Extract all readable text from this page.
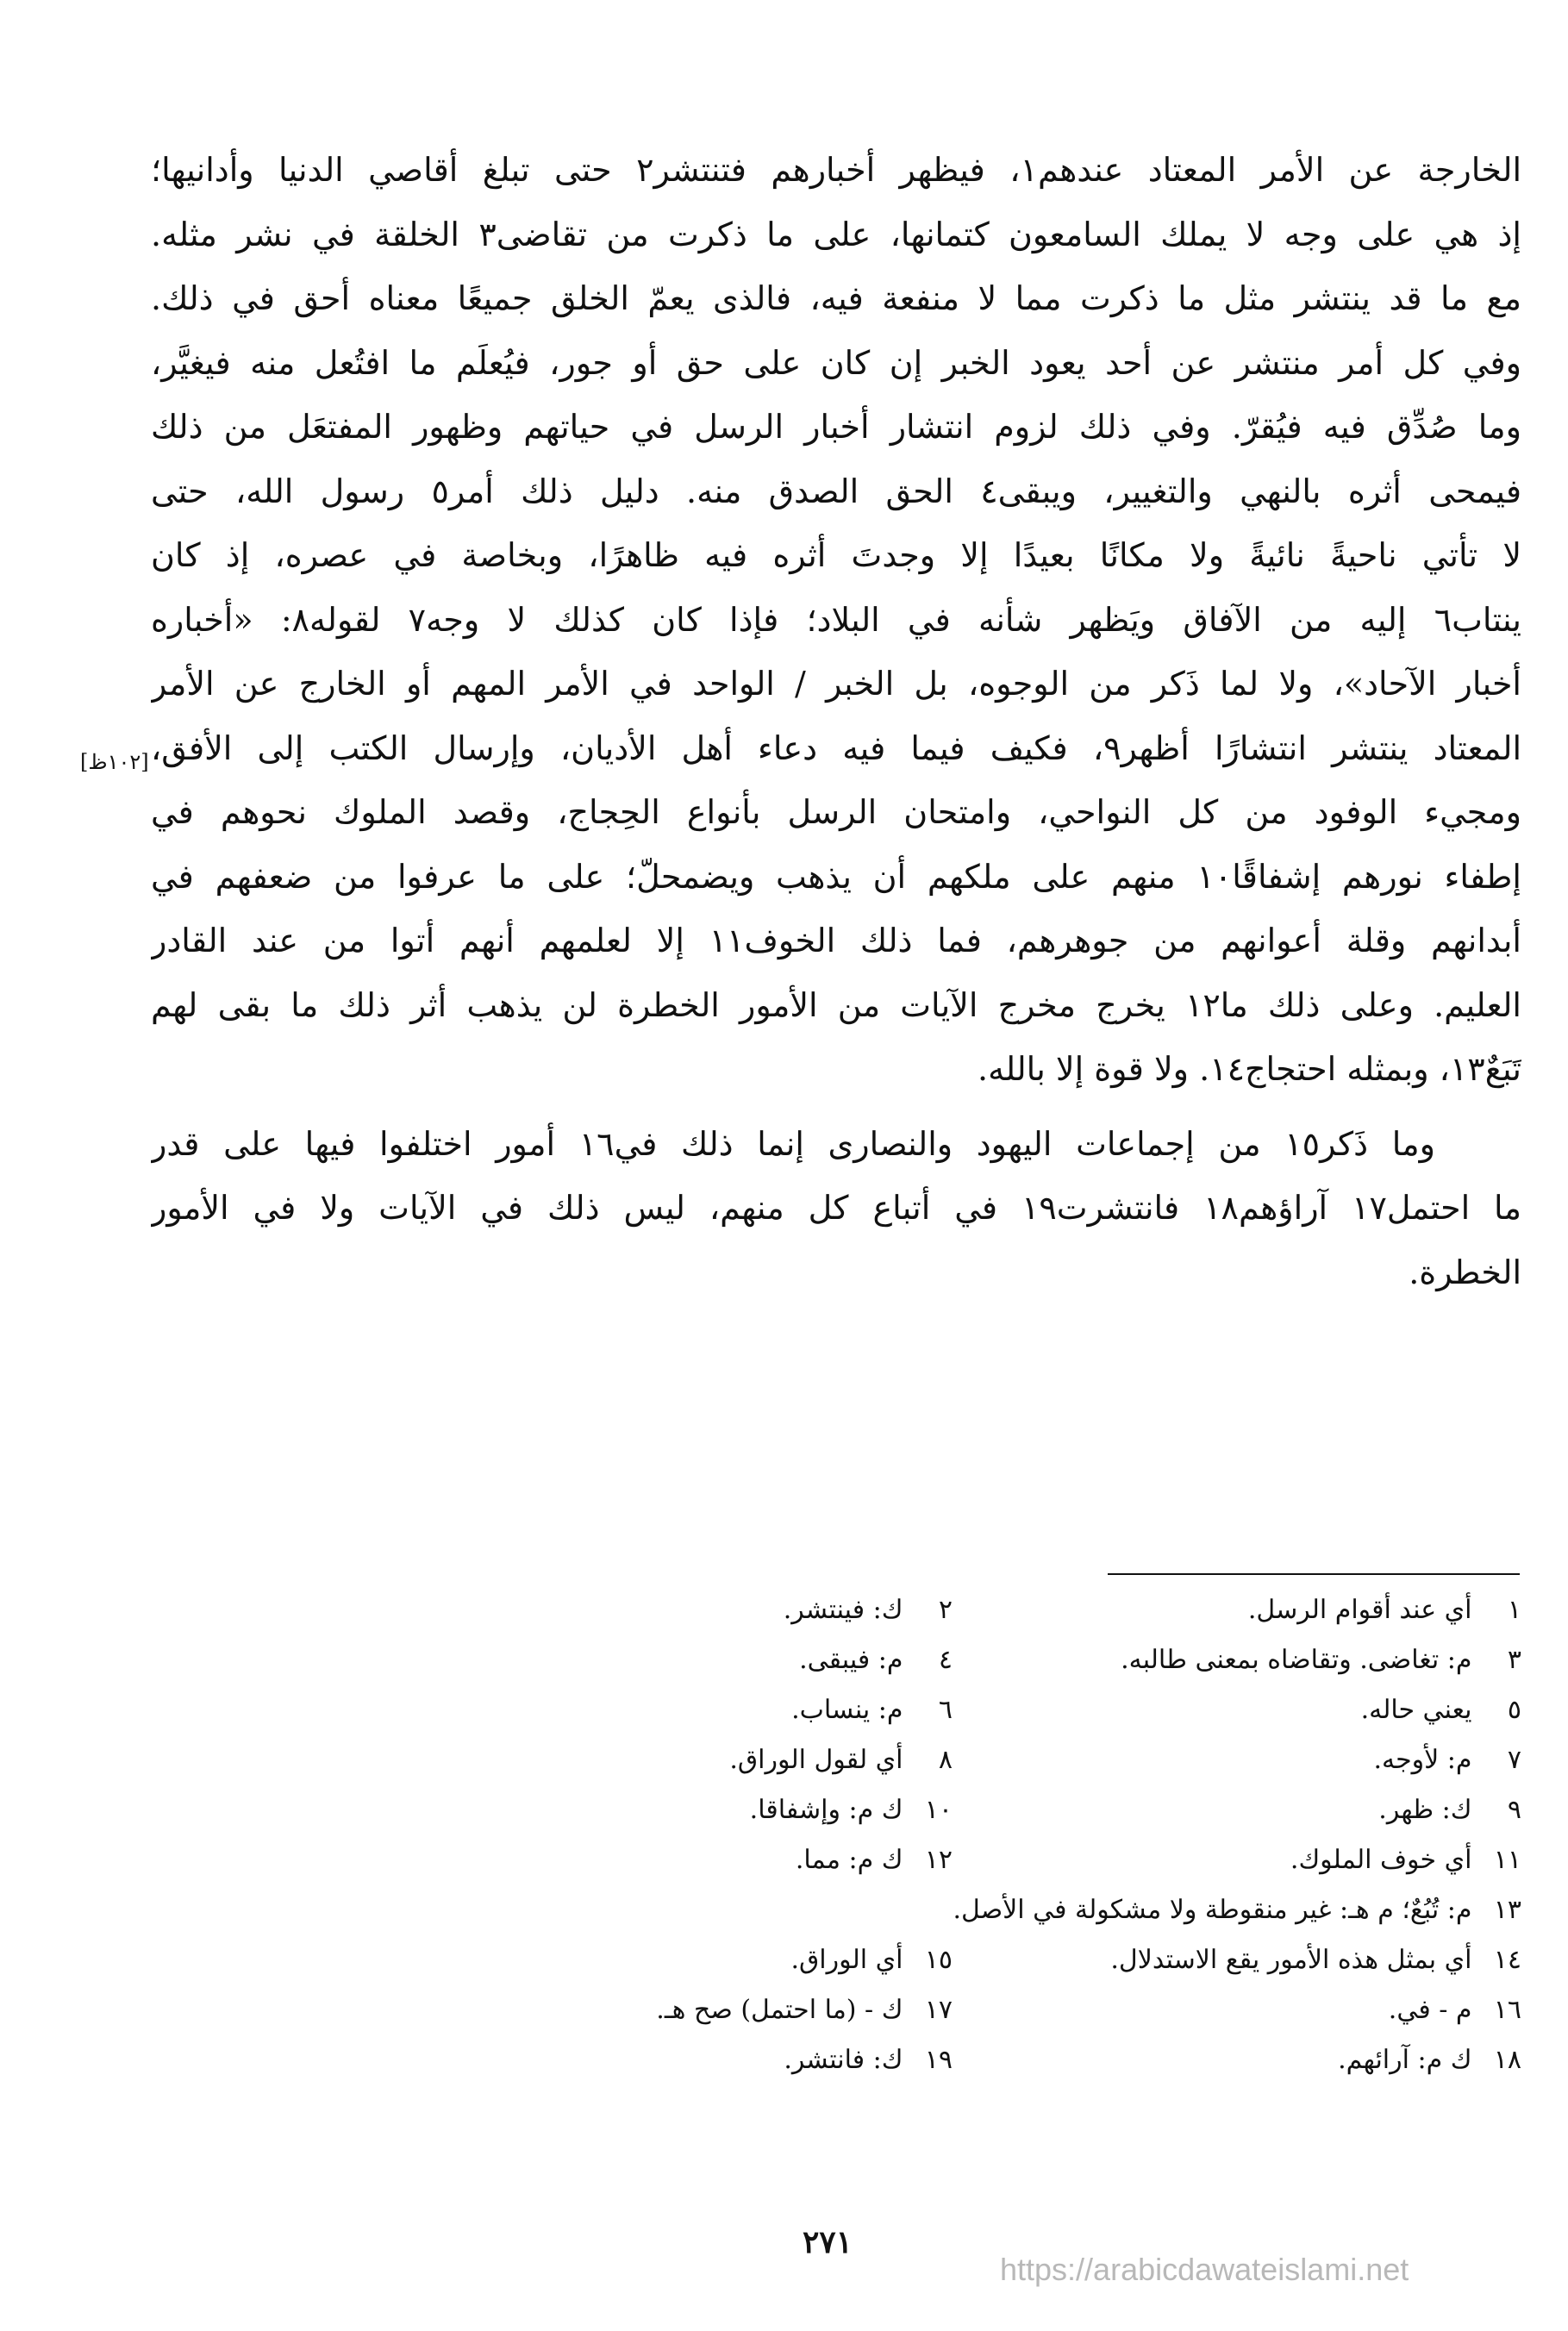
الخارجة عن الأمر المعتاد عندهم١، فيظهر أخبارهم فتنتشر٢ حتى تبلغ أقاصي الدنيا وأدانيها؛
إذ هي على وجه لا يملك السامعون كتمانها، على ما ذكرت من تقاضى٣ الخلقة في نشر مثله.
مع ما قد ينتشر مثل ما ذكرت مما لا منفعة فيه، فالذى يعمّ الخلق جميعًا معناه أحق في ذلك.
وفي كل أمر منتشر عن أحد يعود الخبر إن كان على حق أو جور، فيُعلَم ما افتُعل منه فيغيَّر،
وما صُدِّق فيه فيُقرّ. وفي ذلك لزوم انتشار أخبار الرسل في حياتهم وظهور المفتعَل من ذلك
فيمحى أثره بالنهي والتغيير، ويبقى٤ الحق الصدق منه. دليل ذلك أمر٥ رسول الله، حتى
لا تأتي ناحيةً نائيةً ولا مكانًا بعيدًا إلا وجدتَ أثره فيه ظاهرًا، وبخاصة في عصره، إذ كان
ينتاب٦ إليه من الآفاق ويَظهر شأنه في البلاد؛ فإذا كان كذلك لا وجه٧ لقوله٨: «أخباره
أخبار الآحاد»، ولا لما ذَكر من الوجوه، بل الخبر / الواحد في الأمر المهم أو الخارج عن الأمر
المعتاد ينتشر انتشارًا أظهر٩، فكيف فيما فيه دعاء أهل الأديان، وإرسال الكتب إلى الأفق،
ومجيء الوفود من كل النواحي، وامتحان الرسل بأنواع الحِجاج، وقصد الملوك نحوهم في
إطفاء نورهم إشفاقًا١٠ منهم على ملكهم أن يذهب ويضمحلّ؛ على ما عرفوا من ضعفهم في
أبدانهم وقلة أعوانهم من جوهرهم، فما ذلك الخوف١١ إلا لعلمهم أنهم أتوا من عند القادر
العليم. وعلى ذلك ما١٢ يخرج مخرج الآيات من الأمور الخطرة لن يذهب أثر ذلك ما بقى لهم
تَبَعٌ١٣، وبمثله احتجاج١٤. ولا قوة إلا بالله.
وما ذَكر١٥ من إجماعات اليهود والنصارى إنما ذلك في١٦ أمور اختلفوا فيها على قدر
ما احتمل١٧ آراؤهم١٨ فانتشرت١٩ في أتباع كل منهم، ليس ذلك في الآيات ولا في الأمور
الخطرة.
[١٠٢ظ]
١ أي عند أقوام الرسل.
٢ ك: فينتشر.
٣ م: تغاضى. وتقاضاه بمعنى طالبه.
٤ م: فيبقى.
٥ يعني حاله.
٦ م: ينساب.
٧ م: لأوجه.
٨ أي لقول الوراق.
٩ ك: ظهر.
١٠ ك م: وإشفاقا.
١١ أي خوف الملوك.
١٢ ك م: مما.
١٣ م: تُبُعٌ؛ م هـ: غير منقوطة ولا مشكولة في الأصل.
١٤ أي بمثل هذه الأمور يقع الاستدلال.
١٥ أي الوراق.
١٦ م - في.
١٧ ك - (ما احتمل) صح هـ.
١٨ ك م: آرائهم.
١٩ ك: فانتشر.
٢٧١
https://arabicdawateislami.net
